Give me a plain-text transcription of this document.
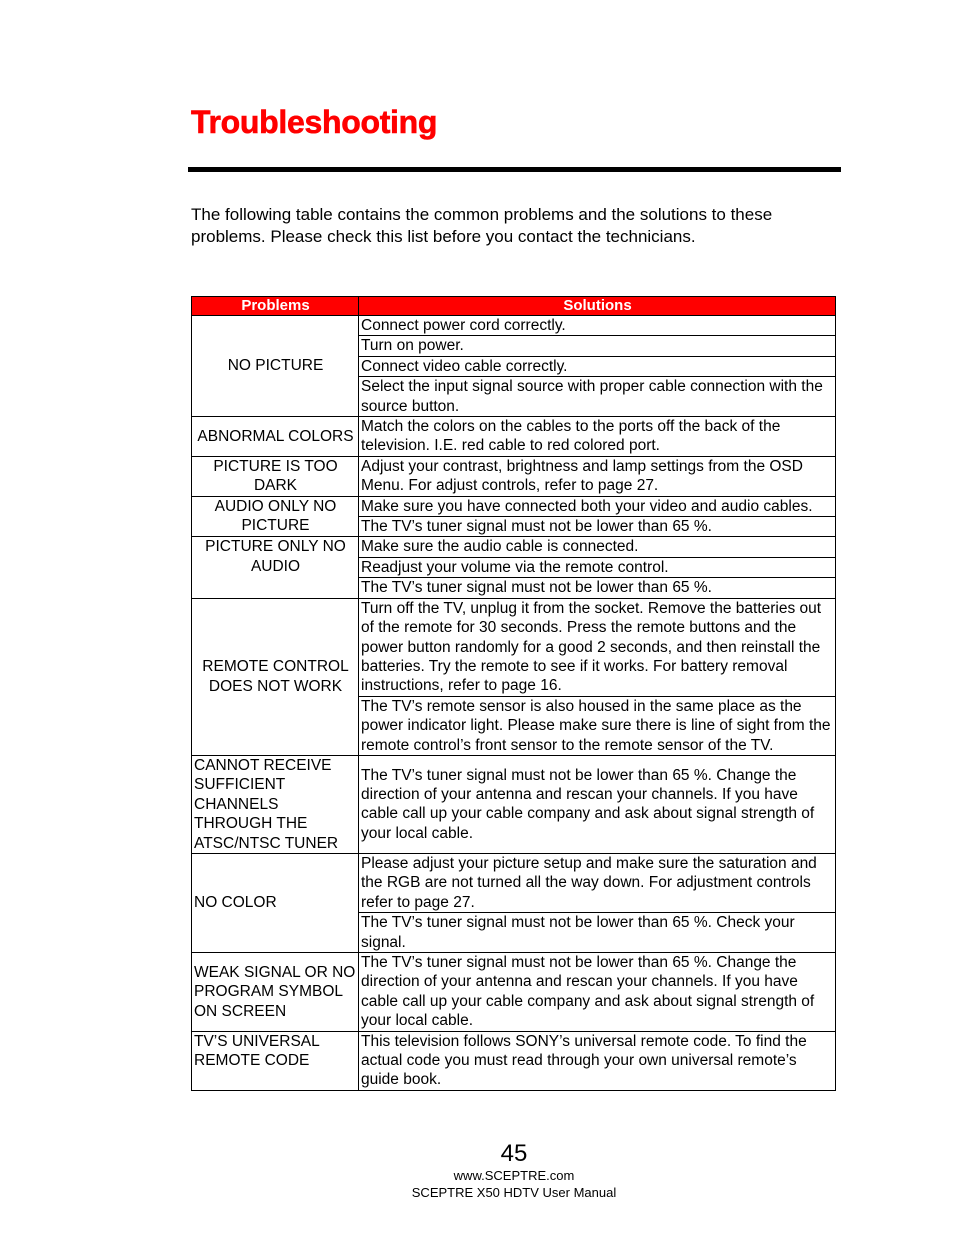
Troubleshooting

The following table contains the common problems and the solutions to these problems. Please check this list before you contact the technicians.

Problems	Solutions
NO PICTURE	Connect power cord correctly.
	Turn on power.
	Connect video cable correctly.
	Select the input signal source with proper cable connection with the source button.
ABNORMAL COLORS	Match the colors on the cables to the ports off the back of the television. I.E. red cable to red colored port.
PICTURE IS TOO DARK	Adjust your contrast, brightness and lamp settings from the OSD Menu. For adjust controls, refer to page 27.
AUDIO ONLY NO PICTURE	Make sure you have connected both your video and audio cables.
	The TV’s tuner signal must not be lower than 65 %.
PICTURE ONLY NO AUDIO	Make sure the audio cable is connected.
	Readjust your volume via the remote control.
	The TV’s tuner signal must not be lower than 65 %.
REMOTE CONTROL DOES NOT WORK	Turn off the TV, unplug it from the socket. Remove the batteries out of the remote for 30 seconds. Press the remote buttons and the power button randomly for a good 2 seconds, and then reinstall the batteries. Try the remote to see if it works. For battery removal instructions, refer to page 16.
	The TV’s remote sensor is also housed in the same place as the power indicator light. Please make sure there is line of sight from the remote control’s front sensor to the remote sensor of the TV.
CANNOT RECEIVE SUFFICIENT CHANNELS THROUGH THE ATSC/NTSC TUNER	The TV’s tuner signal must not be lower than 65 %. Change the direction of your antenna and rescan your channels. If you have cable call up your cable company and ask about signal strength of your local cable.
NO COLOR	Please adjust your picture setup and make sure the saturation and the RGB are not turned all the way down. For adjustment controls refer to page 27.
	The TV’s tuner signal must not be lower than 65 %. Check your signal.
WEAK SIGNAL OR NO PROGRAM SYMBOL ON SCREEN	The TV’s tuner signal must not be lower than 65 %. Change the direction of your antenna and rescan your channels. If you have cable call up your cable company and ask about signal strength of your local cable.
TV’S UNIVERSAL REMOTE CODE	This television follows SONY’s universal remote code. To find the actual code you must read through your own universal remote’s guide book.
45
www.SCEPTRE.com
SCEPTRE X50 HDTV User Manual
